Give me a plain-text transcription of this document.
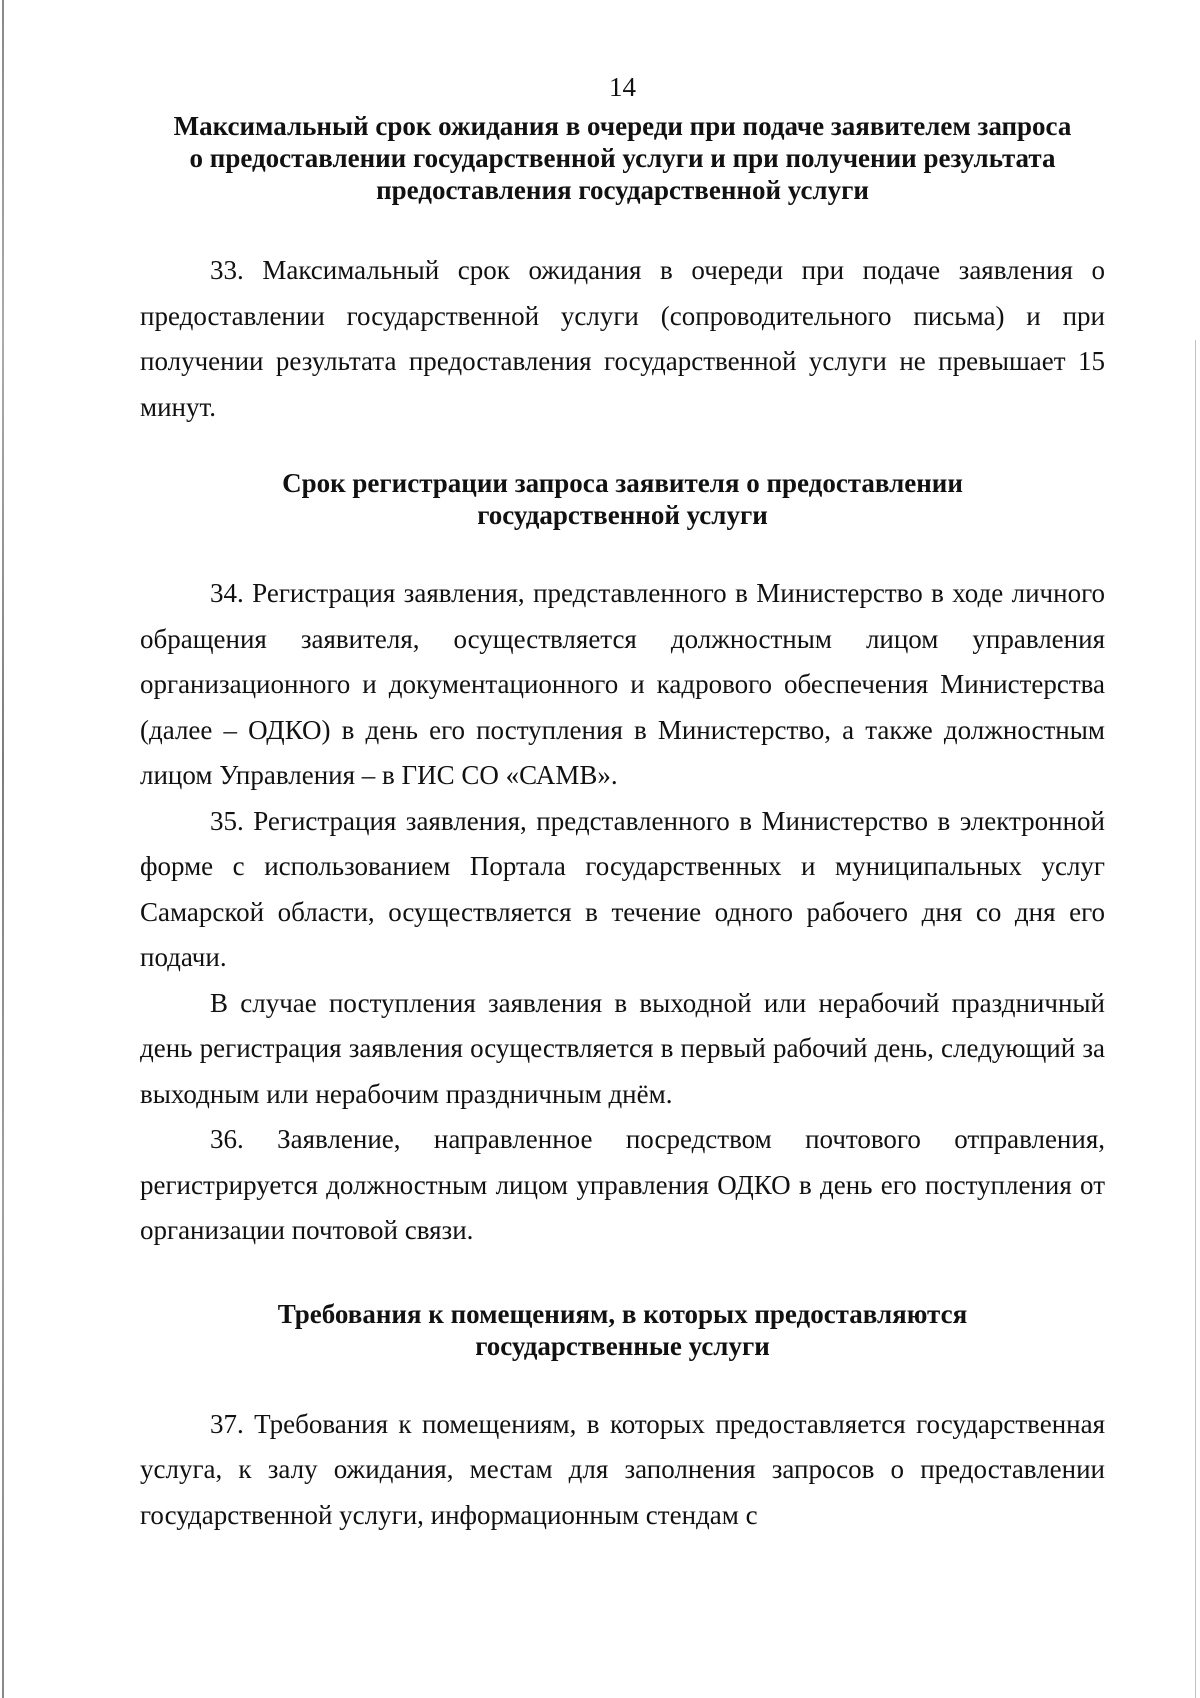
14
Максимальный срок ожидания в очереди при подаче заявителем запроса
о предоставлении государственной услуги и при получении результата
предоставления государственной услуги

33. Максимальный срок ожидания в очереди при подаче заявления о предоставлении государственной услуги (сопроводительного письма) и при получении результата предоставления государственной услуги не превышает 15 минут.

Срок регистрации запроса заявителя о предоставлении
государственной услуги

34. Регистрация заявления, представленного в Министерство в ходе личного обращения заявителя, осуществляется должностным лицом управления организационного и документационного и кадрового обеспечения Министерства (далее – ОДКО) в день его поступления в Министерство, а также должностным лицом Управления – в ГИС СО «САМВ».

35. Регистрация заявления, представленного в Министерство в электронной форме с использованием Портала государственных и муниципальных услуг Самарской области, осуществляется в течение одного рабочего дня со дня его подачи.

В случае поступления заявления в выходной или нерабочий праздничный день регистрация заявления осуществляется в первый рабочий день, следующий за выходным или нерабочим праздничным днём.

36. Заявление, направленное посредством почтового отправления, регистрируется должностным лицом управления ОДКО в день его поступления от организации почтовой связи.

Требования к помещениям, в которых предоставляются
государственные услуги

37. Требования к помещениям, в которых предоставляется государственная услуга, к залу ожидания, местам для заполнения запросов о предоставлении государственной услуги, информационным стендам с
